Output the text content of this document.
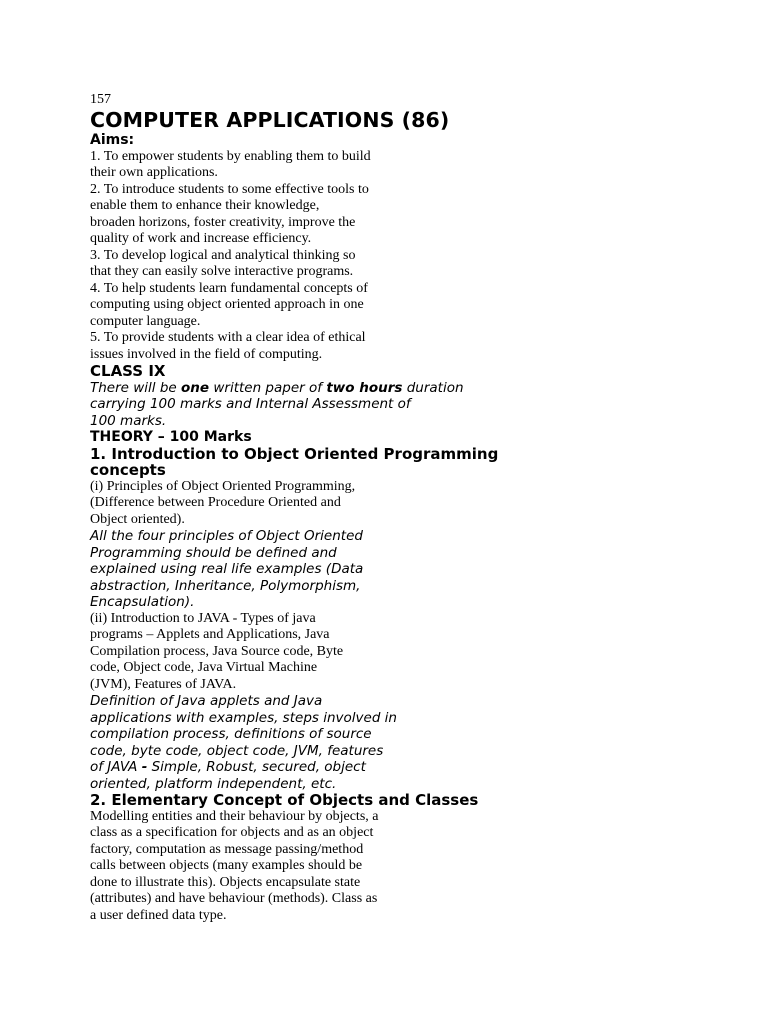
157
COMPUTER APPLICATIONS (86)
Aims:
1. To empower students by enabling them to build
their own applications.
2. To introduce students to some effective tools to
enable them to enhance their knowledge,
broaden horizons, foster creativity, improve the
quality of work and increase efficiency.
3. To develop logical and analytical thinking so
that they can easily solve interactive programs.
4. To help students learn fundamental concepts of
computing using object oriented approach in one
computer language.
5. To provide students with a clear idea of ethical
issues involved in the field of computing.
CLASS IX
There will be one written paper of two hours duration
carrying 100 marks and Internal Assessment of
100 marks.
THEORY – 100 Marks
1. Introduction to Object Oriented Programming
concepts
(i) Principles of Object Oriented Programming,
(Difference between Procedure Oriented and
Object oriented).
All the four principles of Object Oriented
Programming should be defined and
explained using real life examples (Data
abstraction, Inheritance, Polymorphism,
Encapsulation).
(ii) Introduction to JAVA - Types of java
programs – Applets and Applications, Java
Compilation process, Java Source code, Byte
code, Object code, Java Virtual Machine
(JVM), Features of JAVA.
Definition of Java applets and Java
applications with examples, steps involved in
compilation process, definitions of source
code, byte code, object code, JVM, features
of JAVA - Simple, Robust, secured, object
oriented, platform independent, etc.
2. Elementary Concept of Objects and Classes
Modelling entities and their behaviour by objects, a
class as a specification for objects and as an object
factory, computation as message passing/method
calls between objects (many examples should be
done to illustrate this). Objects encapsulate state
(attributes) and have behaviour (methods). Class as
a user defined data type.
